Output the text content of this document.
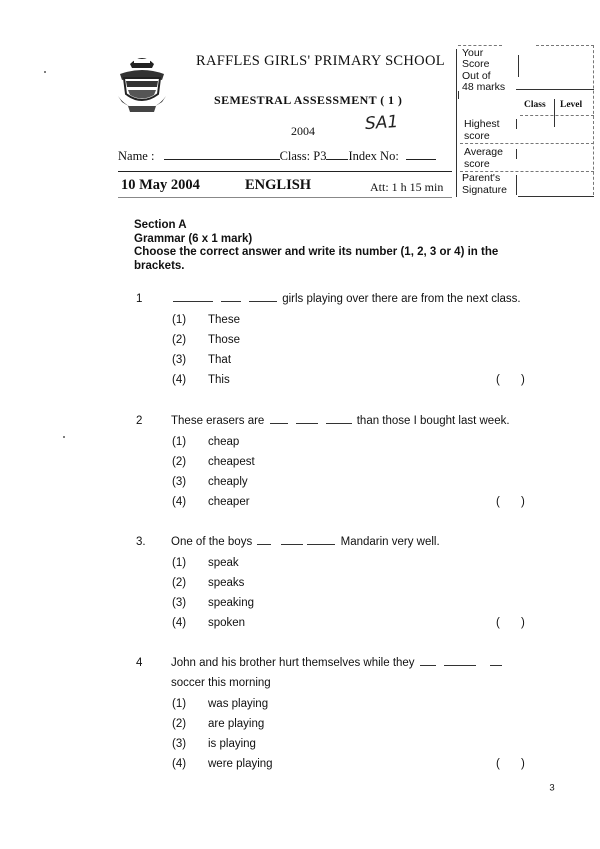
RAFFLES GIRLS' PRIMARY SCHOOL
SEMESTRAL ASSESSMENT ( 1 )
2004	SA1
Name :	Class: P3 Index No:
10 May 2004	ENGLISH	Att: 1 h 15 min
Your
Score
Out of
48 marks
Class Level
Highest
score
Average
score
Parent's
Signature
Section A
Grammar (6 x 1 mark)
Choose the correct answer and write its number (1, 2, 3 or 4) in the
brackets.
1	girls playing over there are from the next class.
(1) These
(2) Those
(3) That
(4) This	( )
2 These erasers are	than those I bought last week.
(1) cheap
(2) cheapest
(3) cheaply
(4) cheaper	( )
3. One of the boys	Mandarin very well.
(1) speak
(2) speaks
(3) speaking
(4) spoken	( )
4 John and his brother hurt themselves while they
soccer this morning
(1) was playing
(2) are playing
(3) is playing
(4) were playing	( )
₃
